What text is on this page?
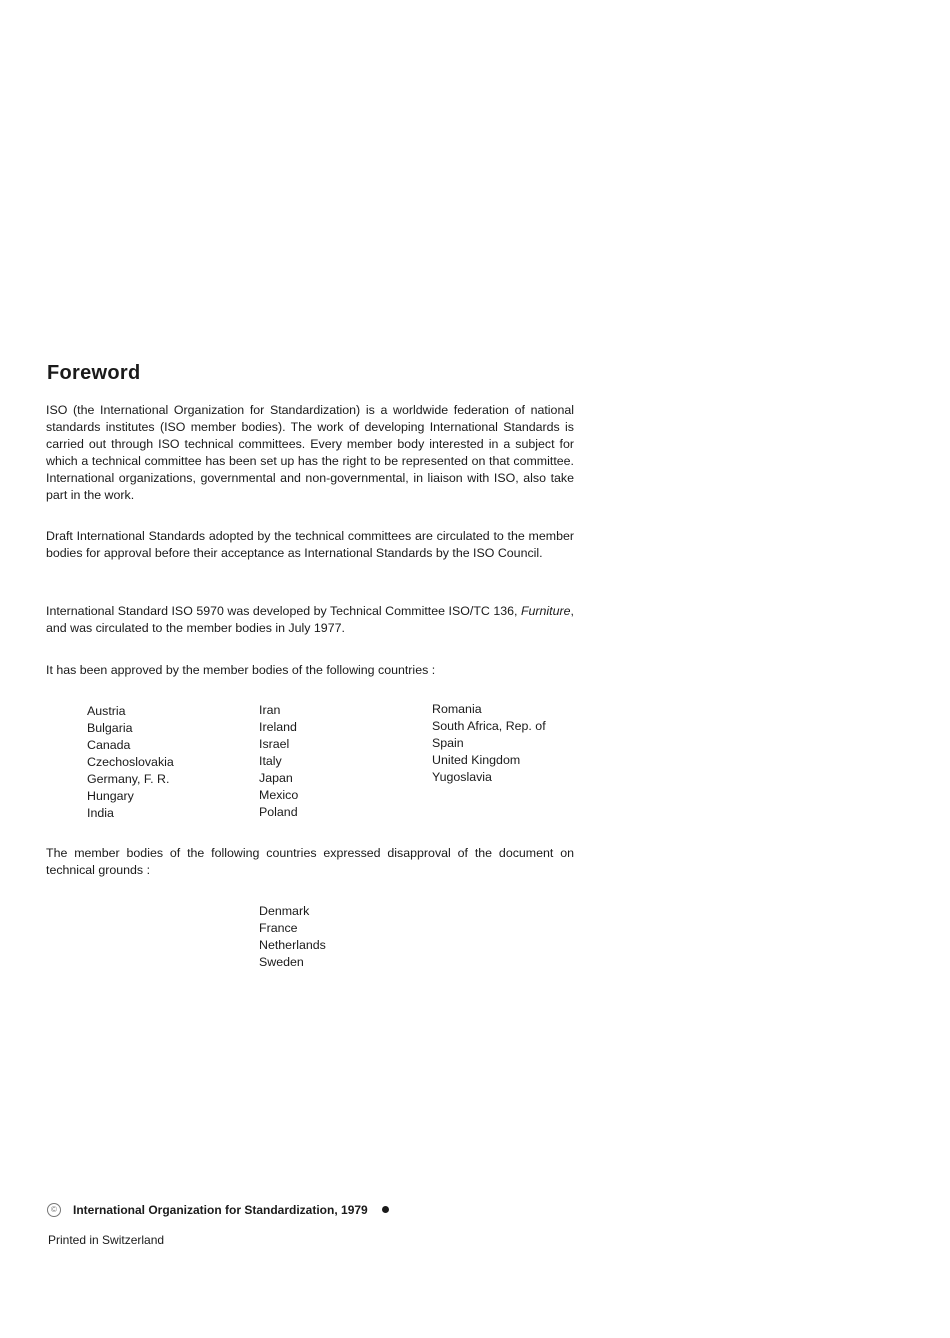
Foreword

ISO (the International Organization for Standardization) is a worldwide federation of national standards institutes (ISO member bodies). The work of developing International Standards is carried out through ISO technical committees. Every member body interested in a subject for which a technical committee has been set up has the right to be represented on that committee. International organizations, governmental and non-governmental, in liaison with ISO, also take part in the work.

Draft International Standards adopted by the technical committees are circulated to the member bodies for approval before their acceptance as International Standards by the ISO Council.

International Standard ISO 5970 was developed by Technical Committee ISO/TC 136, Furniture, and was circulated to the member bodies in July 1977.

It has been approved by the member bodies of the following countries :

Austria
Bulgaria
Canada
Czechoslovakia
Germany, F. R.
Hungary
India
Iran
Ireland
Israel
Italy
Japan
Mexico
Poland
Romania
South Africa, Rep. of
Spain
United Kingdom
Yugoslavia

The member bodies of the following countries expressed disapproval of the document on technical grounds :

Denmark
France
Netherlands
Sweden
© International Organization for Standardization, 1979
Printed in Switzerland
